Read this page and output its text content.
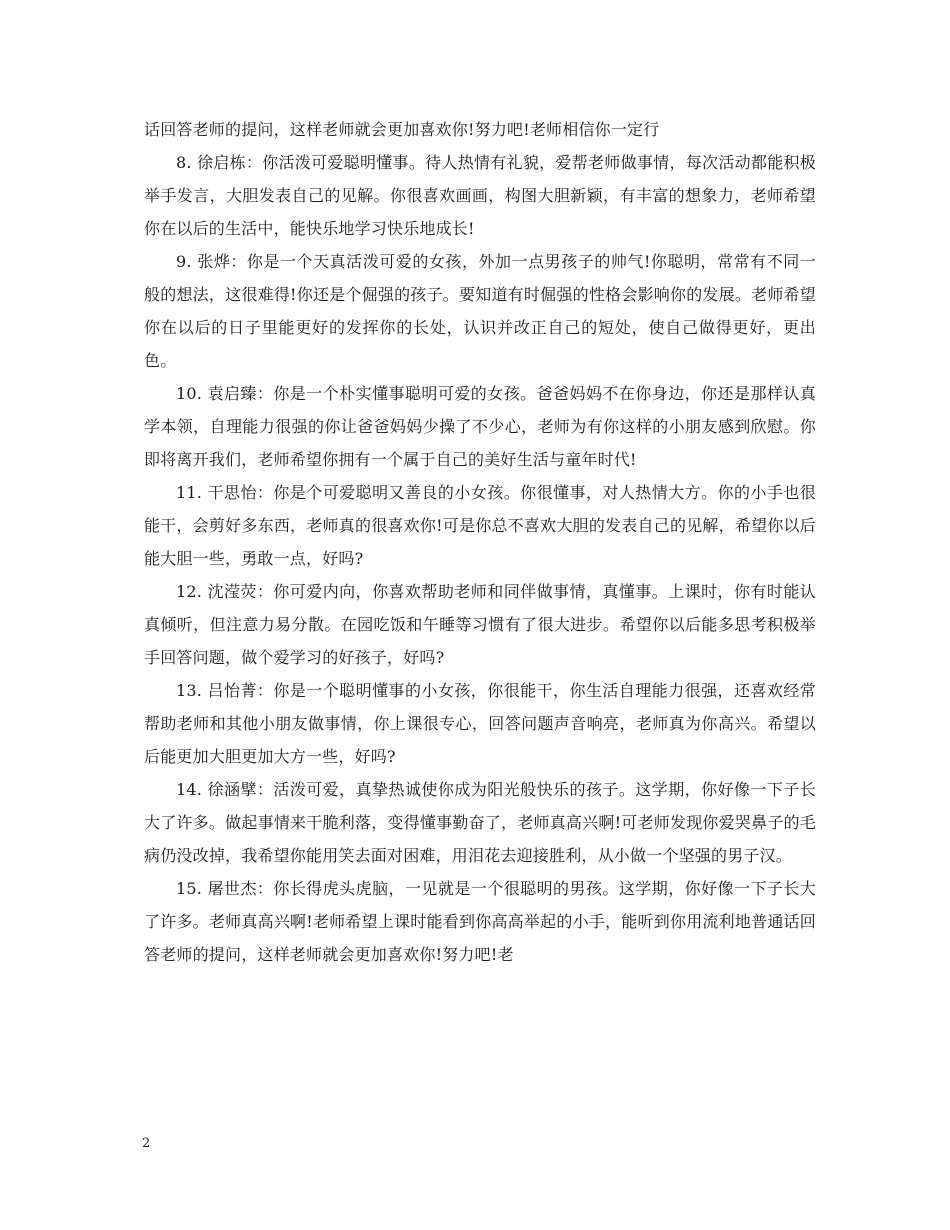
话回答老师的提问，这样老师就会更加喜欢你!努力吧!老师相信你一定行

8. 徐启栋：你活泼可爱聪明懂事。待人热情有礼貌，爱帮老师做事情，每次活动都能积极举手发言，大胆发表自己的见解。你很喜欢画画，构图大胆新颖，有丰富的想象力，老师希望你在以后的生活中，能快乐地学习快乐地成长!

9. 张烨：你是一个天真活泼可爱的女孩，外加一点男孩子的帅气!你聪明，常常有不同一般的想法，这很难得!你还是个倔强的孩子。要知道有时倔强的性格会影响你的发展。老师希望你在以后的日子里能更好的发挥你的长处，认识并改正自己的短处，使自己做得更好，更出色。

10. 袁启臻：你是一个朴实懂事聪明可爱的女孩。爸爸妈妈不在你身边，你还是那样认真学本领，自理能力很强的你让爸爸妈妈少操了不少心，老师为有你这样的小朋友感到欣慰。你即将离开我们，老师希望你拥有一个属于自己的美好生活与童年时代!

11. 干思怡：你是个可爱聪明又善良的小女孩。你很懂事，对人热情大方。你的小手也很能干，会剪好多东西，老师真的很喜欢你!可是你总不喜欢大胆的发表自己的见解，希望你以后能大胆一些，勇敢一点，好吗?

12. 沈滢荧：你可爱内向，你喜欢帮助老师和同伴做事情，真懂事。上课时，你有时能认真倾听，但注意力易分散。在园吃饭和午睡等习惯有了很大进步。希望你以后能多思考积极举手回答问题，做个爱学习的好孩子，好吗?

13. 吕怡菁：你是一个聪明懂事的小女孩，你很能干，你生活自理能力很强，还喜欢经常帮助老师和其他小朋友做事情，你上课很专心，回答问题声音响亮，老师真为你高兴。希望以后能更加大胆更加大方一些，好吗?

14. 徐涵擘：活泼可爱，真挚热诚使你成为阳光般快乐的孩子。这学期，你好像一下子长大了许多。做起事情来干脆利落，变得懂事勤奋了，老师真高兴啊!可老师发现你爱哭鼻子的毛病仍没改掉，我希望你能用笑去面对困难，用泪花去迎接胜利，从小做一个坚强的男子汉。

15. 屠世杰：你长得虎头虎脑，一见就是一个很聪明的男孩。这学期，你好像一下子长大了许多。老师真高兴啊!老师希望上课时能看到你高高举起的小手，能听到你用流利地普通话回答老师的提问，这样老师就会更加喜欢你!努力吧!老

2
